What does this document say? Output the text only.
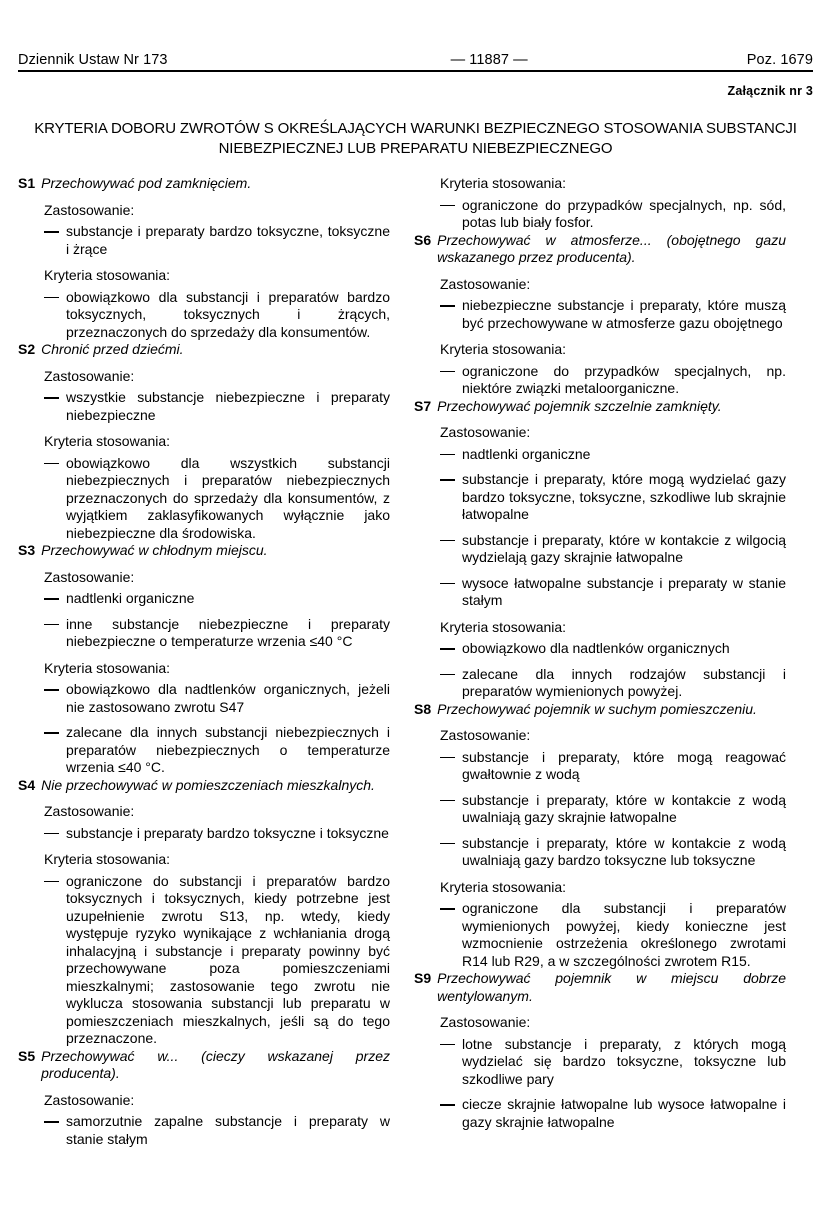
Dziennik Ustaw Nr 173	— 11887 —	Poz. 1679
Załącznik nr 3
KRYTERIA DOBORU ZWROTÓW S OKREŚLAJĄCYCH WARUNKI BEZPIECZNEGO STOSOWANIA SUBSTANCJI
NIEBEZPIECZNEJ LUB PREPARATU NIEBEZPIECZNEGO
S1 Przechowywać pod zamknięciem.
Zastosowanie:
substancje i preparaty bardzo toksyczne, toksyczne i żrące
Kryteria stosowania:
obowiązkowo dla substancji i preparatów bardzo toksycznych, toksycznych i żrących, przeznaczonych do sprzedaży dla konsumentów.
S2 Chronić przed dziećmi.
Zastosowanie:
wszystkie substancje niebezpieczne i preparaty niebezpieczne
Kryteria stosowania:
obowiązkowo dla wszystkich substancji niebezpiecznych i preparatów niebezpiecznych przeznaczonych do sprzedaży dla konsumentów, z wyjątkiem zaklasyfikowanych wyłącznie jako niebezpieczne dla środowiska.
S3 Przechowywać w chłodnym miejscu.
Zastosowanie:
nadtlenki organiczne
inne substancje niebezpieczne i preparaty niebezpieczne o temperaturze wrzenia ≤40 °C
Kryteria stosowania:
obowiązkowo dla nadtlenków organicznych, jeżeli nie zastosowano zwrotu S47
zalecane dla innych substancji niebezpiecznych i preparatów niebezpiecznych o temperaturze wrzenia ≤40 °C.
S4 Nie przechowywać w pomieszczeniach mieszkalnych.
Zastosowanie:
substancje i preparaty bardzo toksyczne i toksyczne
Kryteria stosowania:
ograniczone do substancji i preparatów bardzo toksycznych i toksycznych, kiedy potrzebne jest uzupełnienie zwrotu S13, np. wtedy, kiedy występuje ryzyko wynikające z wchłaniania drogą inhalacyjną i substancje i preparaty powinny być przechowywane poza pomieszczeniami mieszkalnymi; zastosowanie tego zwrotu nie wyklucza stosowania substancji lub preparatu w pomieszczeniach mieszkalnych, jeśli są do tego przeznaczone.
S5 Przechowywać w... (cieczy wskazanej przez producenta).
Zastosowanie:
samorzutnie zapalne substancje i preparaty w stanie stałym
Kryteria stosowania:
ograniczone do przypadków specjalnych, np. sód, potas lub biały fosfor.
S6 Przechowywać w atmosferze... (obojętnego gazu wskazanego przez producenta).
Zastosowanie:
niebezpieczne substancje i preparaty, które muszą być przechowywane w atmosferze gazu obojętnego
Kryteria stosowania:
ograniczone do przypadków specjalnych, np. niektóre związki metaloorganiczne.
S7 Przechowywać pojemnik szczelnie zamknięty.
Zastosowanie:
nadtlenki organiczne
substancje i preparaty, które mogą wydzielać gazy bardzo toksyczne, toksyczne, szkodliwe lub skrajnie łatwopalne
substancje i preparaty, które w kontakcie z wilgocią wydzielają gazy skrajnie łatwopalne
wysoce łatwopalne substancje i preparaty w stanie stałym
Kryteria stosowania:
obowiązkowo dla nadtlenków organicznych
zalecane dla innych rodzajów substancji i preparatów wymienionych powyżej.
S8 Przechowywać pojemnik w suchym pomieszczeniu.
Zastosowanie:
substancje i preparaty, które mogą reagować gwałtownie z wodą
substancje i preparaty, które w kontakcie z wodą uwalniają gazy skrajnie łatwopalne
substancje i preparaty, które w kontakcie z wodą uwalniają gazy bardzo toksyczne lub toksyczne
Kryteria stosowania:
ograniczone dla substancji i preparatów wymienionych powyżej, kiedy konieczne jest wzmocnienie ostrzeżenia określonego zwrotami R14 lub R29, a w szczególności zwrotem R15.
S9 Przechowywać pojemnik w miejscu dobrze wentylowanym.
Zastosowanie:
lotne substancje i preparaty, z których mogą wydzielać się bardzo toksyczne, toksyczne lub szkodliwe pary
ciecze skrajnie łatwopalne lub wysoce łatwopalne i gazy skrajnie łatwopalne
